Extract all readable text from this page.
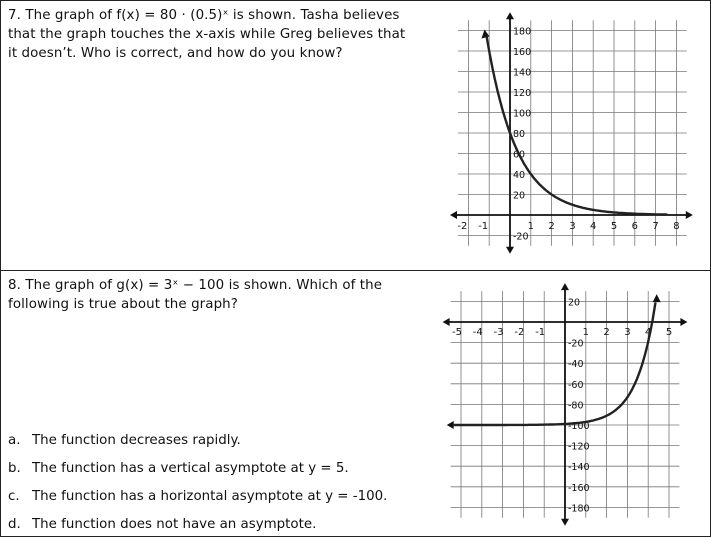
7. The graph of f(x) = 80 · (0.5)ˣ is shown. Tasha believes that the graph touches the x-axis while Greg believes that it doesn’t. Who is correct, and how do you know?
-2 -1	1 2 3 4 5 6 7 8
180
160
140
120
100
80
60
40
20
-20
8. The graph of g(x) = 3ˣ − 100 is shown. Which of the following is true about the graph?
a. The function decreases rapidly.
b. The function has a vertical asymptote at y = 5.
c. The function has a horizontal asymptote at y = -100.
d. The function does not have an asymptote.
-5 -4 -3 -2 -1	1 2 3 4 5
20
-20
-40
-60
-80
-100
-120
-140
-160
-180
